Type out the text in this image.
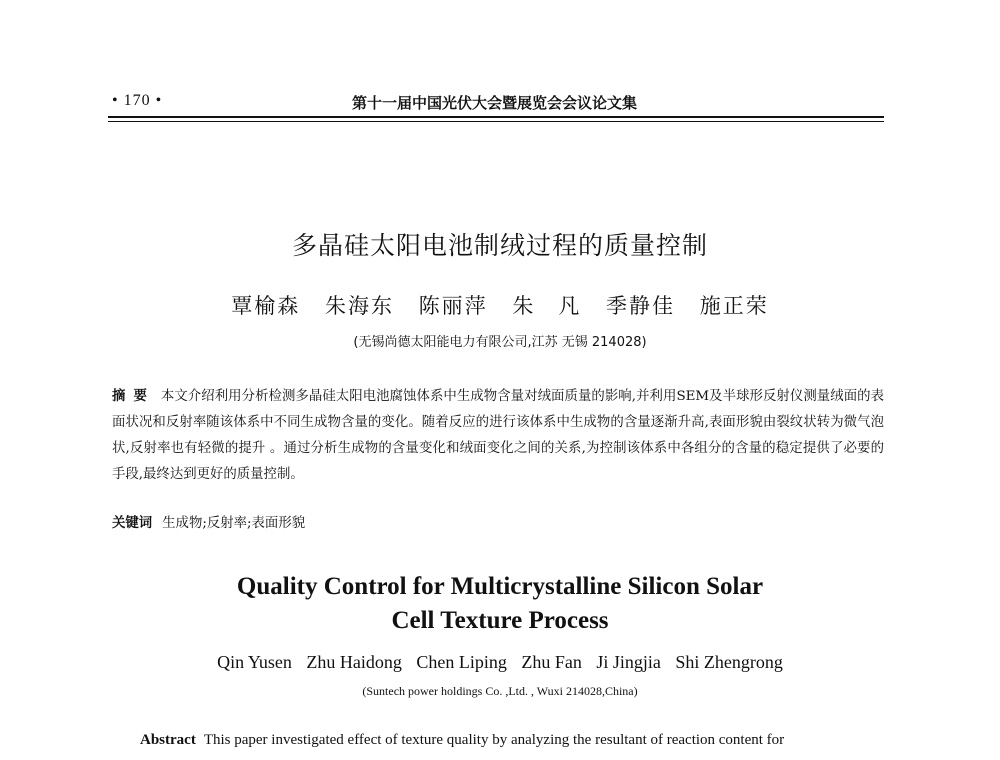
• 170 •	第十一届中国光伏大会暨展览会会议论文集
多晶硅太阳电池制绒过程的质量控制
覃榆森 朱海东 陈丽萍 朱　凡 季静佳 施正荣
(无锡尚德太阳能电力有限公司,江苏 无锡 214028)
摘要 本文介绍利用分析检测多晶硅太阳电池腐蚀体系中生成物含量对绒面质量的影响,并利用SEM及半球形反射仪测量绒面的表面状况和反射率随该体系中不同生成物含量的变化。随着反应的进行该体系中生成物的含量逐渐升高,表面形貌由裂纹状转为微气泡状,反射率也有轻微的提升 。通过分析生成物的含量变化和绒面变化之间的关系,为控制该体系中各组分的含量的稳定提供了必要的手段,最终达到更好的质量控制。
关键词 生成物;反射率;表面形貌
Quality Control for Multicrystalline Silicon Solar
Cell Texture Process
Qin Yusen Zhu Haidong Chen Liping Zhu Fan Ji Jingjia Shi Zhengrong
(Suntech power holdings Co. ,Ltd. , Wuxi 214028,China)
Abstract This paper investigated effect of texture quality by analyzing the resultant of reaction content for
